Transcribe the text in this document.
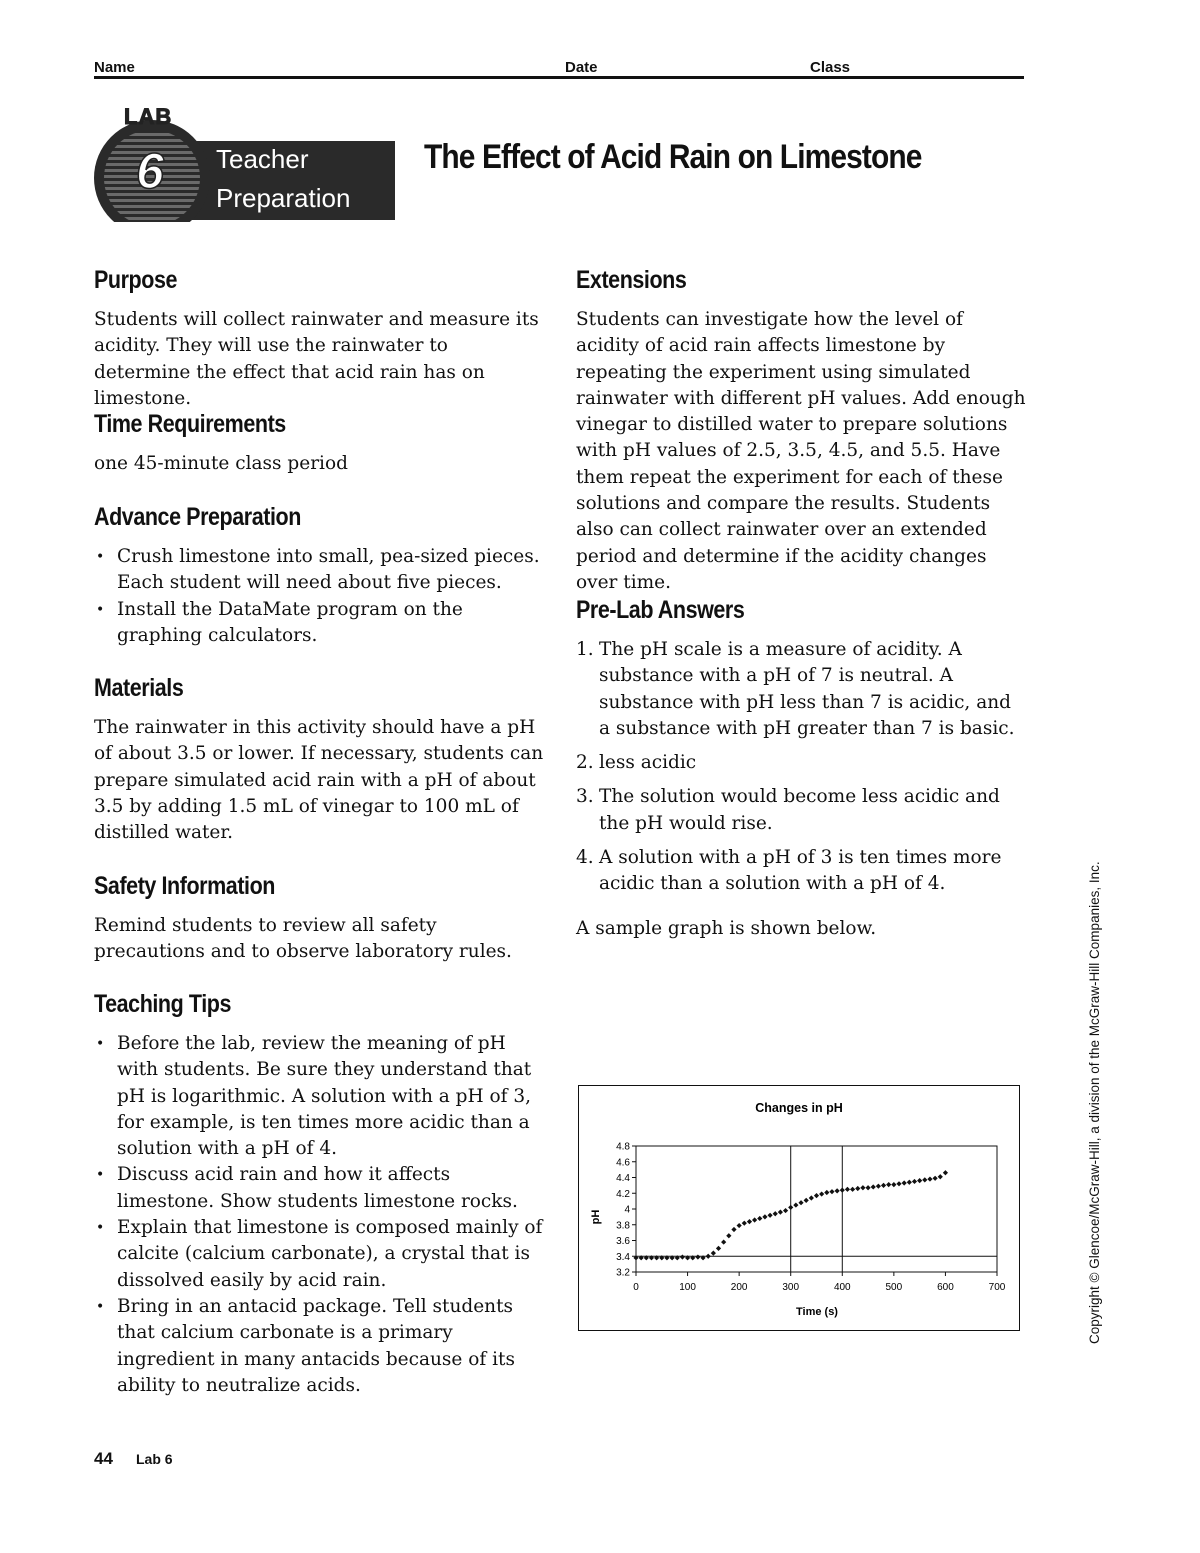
Name	Date	Class
LAB
6 Teacher
Preparation
The Effect of Acid Rain on Limestone
Purpose

Students will collect rainwater and measure its acidity. They will use the rainwater to determine the effect that acid rain has on limestone.

Time Requirements

one 45-minute class period

Advance Preparation
• Crush limestone into small, pea-sized pieces. Each student will need about five pieces.
• Install the DataMate program on the graphing calculators.
Materials

The rainwater in this activity should have a pH of about 3.5 or lower. If necessary, students can prepare simulated acid rain with a pH of about 3.5 by adding 1.5 mL of vinegar to 100 mL of distilled water.

Safety Information

Remind students to review all safety precautions and to observe laboratory rules.

Teaching Tips
• Before the lab, review the meaning of pH with students. Be sure they understand that pH is logarithmic. A solution with a pH of 3, for example, is ten times more acidic than a solution with a pH of 4.
• Discuss acid rain and how it affects limestone. Show students limestone rocks.
• Explain that limestone is composed mainly of calcite (calcium carbonate), a crystal that is dissolved easily by acid rain.
• Bring in an antacid package. Tell students that calcium carbonate is a primary ingredient in many antacids because of its ability to neutralize acids.
Extensions

Students can investigate how the level of acidity of acid rain affects limestone by repeating the experiment using simulated rainwater with different pH values. Add enough vinegar to distilled water to prepare solutions with pH values of 2.5, 3.5, 4.5, and 5.5. Have them repeat the experiment for each of these solutions and compare the results. Students also can collect rainwater over an extended period and determine if the acidity changes over time.

Pre-Lab Answers
1. The pH scale is a measure of acidity. A substance with a pH of 7 is neutral. A substance with pH less than 7 is acidic, and a substance with pH greater than 7 is basic.
2. less acidic
3. The solution would become less acidic and the pH would rise.
4. A solution with a pH of 3 is ten times more acidic than a solution with a pH of 4.

A sample graph is shown below.

Changes in pH
pH
Time (s)
0	100	200	300	400	500	600	700
4.8
4.6
4.4
4.2
4
3.8
3.6
3.4
3.2	Copyright © Glencoe/McGraw-Hill, a division of the McGraw-Hill Companies, Inc.
44 Lab 6
